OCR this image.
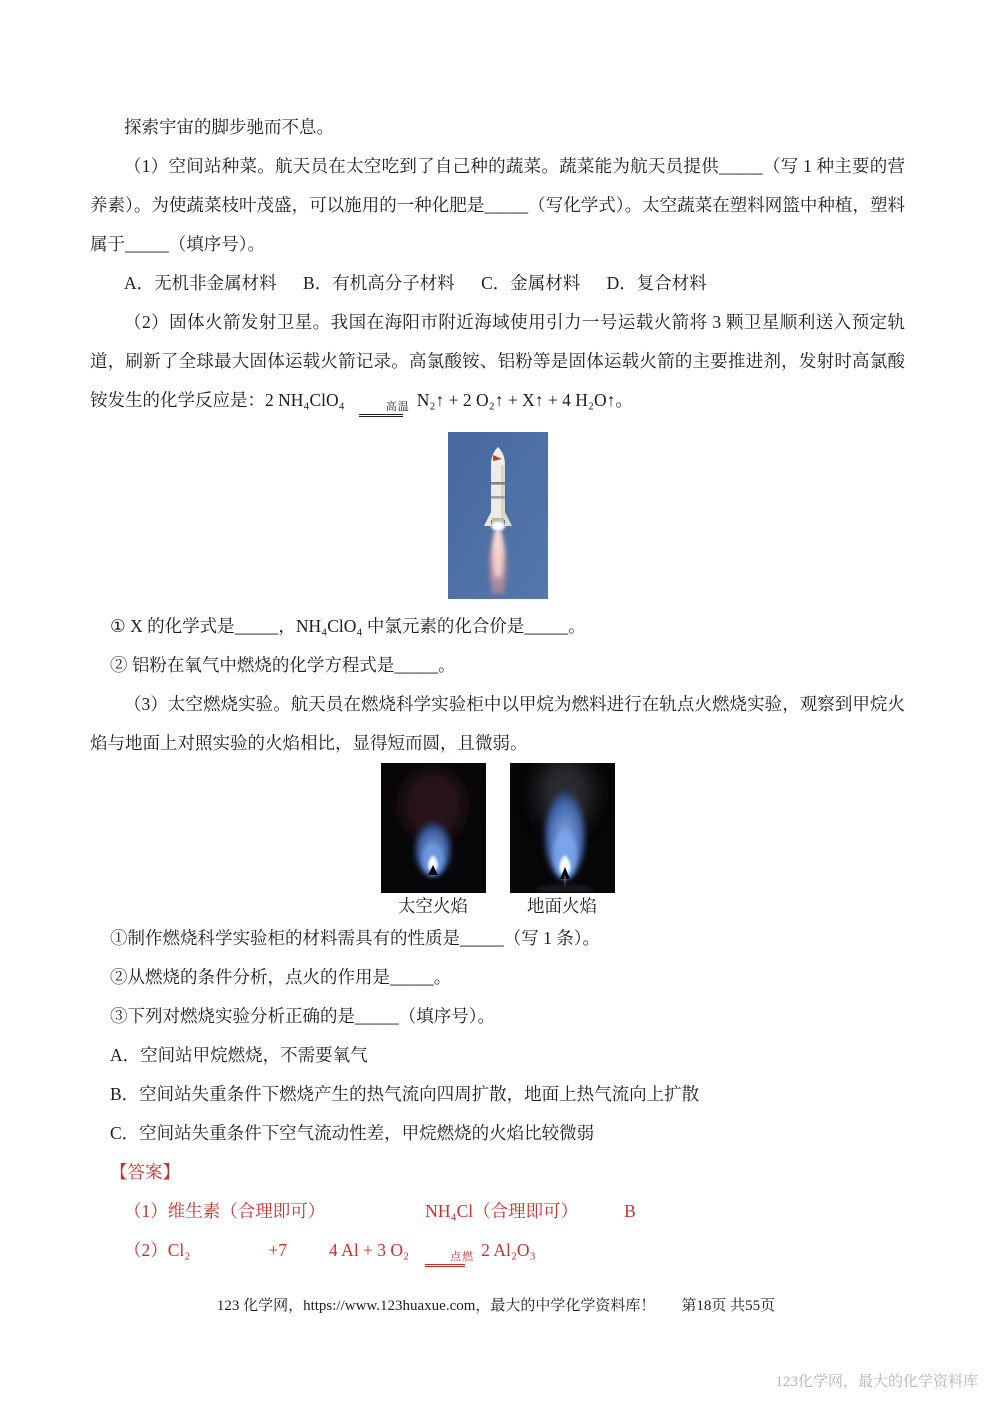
探索宇宙的脚步驰而不息。

（1）空间站种菜。航天员在太空吃到了自己种的蔬菜。蔬菜能为航天员提供_____（写 1 种主要的营养素）。为使蔬菜枝叶茂盛，可以施用的一种化肥是_____（写化学式）。太空蔬菜在塑料网篮中种植，塑料属于_____（填序号）。

A．无机非金属材料 B．有机高分子材料 C．金属材料 D．复合材料

（2）固体火箭发射卫星。我国在海阳市附近海域使用引力一号运载火箭将 3 颗卫星顺利送入预定轨道，刷新了全球最大固体运载火箭记录。高氯酸铵、铝粉等是固体运载火箭的主要推进剂，发射时高氯酸铵发生的化学反应是：2 NH₄ClO₄	高温 N₂↑ + 2 O₂↑ + X↑ + 4 H₂O↑。

① X 的化学式是_____，NH₄ClO₄ 中氯元素的化合价是_____。

② 铝粉在氧气中燃烧的化学方程式是_____。

（3）太空燃烧实验。航天员在燃烧科学实验柜中以甲烷为燃料进行在轨点火燃烧实验，观察到甲烷火焰与地面上对照实验的火焰相比，显得短而圆，且微弱。

太空火焰	地面火焰

①制作燃烧科学实验柜的材料需具有的性质是_____（写 1 条）。

②从燃烧的条件分析，点火的作用是_____。

③下列对燃烧实验分析正确的是_____（填序号）。

A．空间站甲烷燃烧，不需要氧气

B．空间站失重条件下燃烧产生的热气流向四周扩散，地面上热气流向上扩散

C．空间站失重条件下空气流动性差，甲烷燃烧的火焰比较微弱

【答案】

（1）维生素（合理即可）	NH₄Cl（合理即可）	B

（2）Cl₂	+7 4 Al + 3 O₂	点燃 2 Al₂O₃

123 化学网，https://www.123huaxue.com，最大的中学化学资料库！ 第18页 共55页
123化学网，最大的化学资料库
